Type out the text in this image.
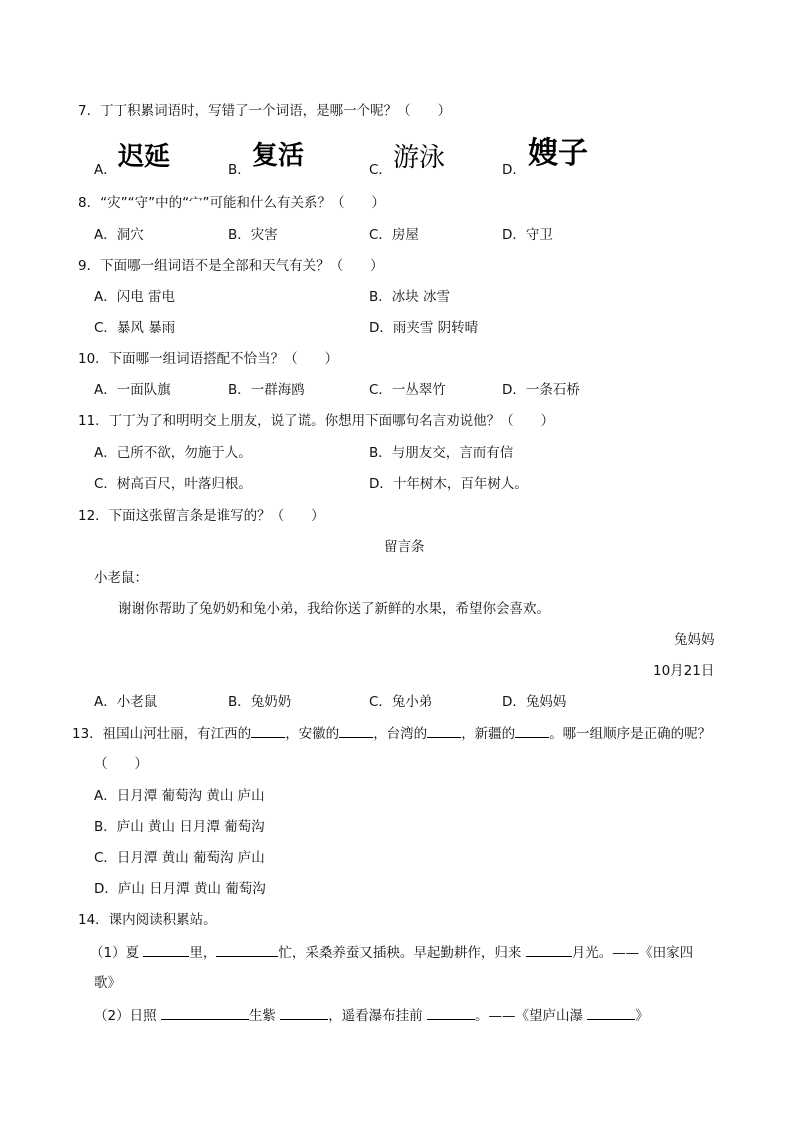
7．丁丁积累词语时，写错了一个词语，是哪一个呢？（　　）
A． 迟延	B． 复活	C． 游泳	D． 嫂子
8．“灾”“守”中的“宀”可能和什么有关系？（　　）
A．洞穴	B．灾害	C．房屋	D．守卫
9．下面哪一组词语不是全部和天气有关？（　　）
A．闪电 雷电	B．冰块 冰雪
C．暴风 暴雨	D．雨夹雪 阴转晴
10．下面哪一组词语搭配不恰当？（　　）
A．一面队旗	B．一群海鸥	C．一丛翠竹	D．一条石桥
11．丁丁为了和明明交上朋友，说了谎。你想用下面哪句名言劝说他？（　　）
A．己所不欲，勿施于人。	B．与朋友交，言而有信
C．树高百尺，叶落归根。	D．十年树木，百年树人。
12．下面这张留言条是谁写的？（　　）
留言条
小老鼠：
谢谢你帮助了兔奶奶和兔小弟，我给你送了新鲜的水果，希望你会喜欢。
兔妈妈
10月21日
A．小老鼠	B．兔奶奶	C．兔小弟	D．兔妈妈
13．祖国山河壮丽，有江西的	，安徽的	，台湾的	，新疆的	。哪一组顺序是正确的呢？
（　　）
A．日月潭 葡萄沟 黄山 庐山
B．庐山 黄山 日月潭 葡萄沟
C．日月潭 黄山 葡萄沟 庐山
D．庐山 日月潭 黄山 葡萄沟
14．课内阅读积累站。
（1）夏	里，	忙，采桑养蚕又插秧。早起勤耕作，归来	月光。——《田家四
歌》
（2）日照	生紫	，遥看瀑布挂前	。——《望庐山瀑	》
